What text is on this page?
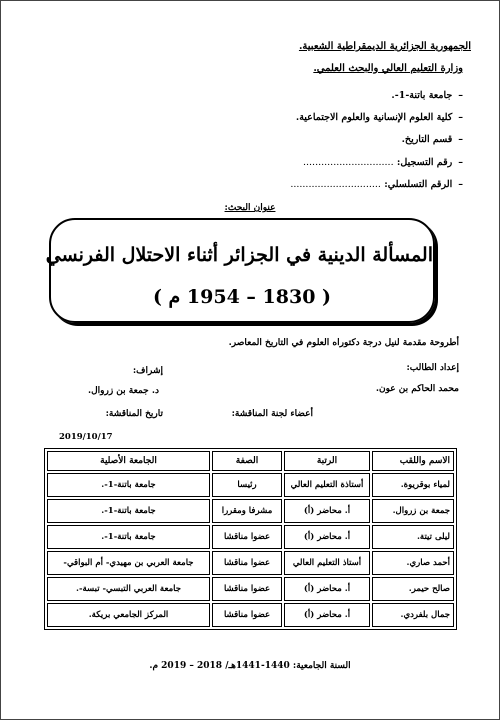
الجمهورية الجزائرية الديمقراطية الشعبية.
وزارة التعليم العالي والبحث العلمي.
–جامعة باتنة-1-.
–كلية العلوم الإنسانية والعلوم الاجتماعية.
–قسم التاريخ.
–رقم التسجيل: ..............................
–الرقم التسلسلي: ..............................
عنوان البحث:
المسألة الدينية في الجزائر أثناء الاحتلال الفرنسي
( 1830 – 1954 م )
أطروحة مقدمة لنيل درجة دكتوراه العلوم في التاريخ المعاصر.
إعداد الطالب:
محمد الحاكم بن عون.
إشراف:
د. جمعة بن زروال.
أعضاء لجنة المناقشة:
تاريخ المناقشة:
2019/10/17
الاسم واللقب	الرتبة	الصفة	الجامعة الأصلية
لمياء بوقريوة.	أستاذة التعليم العالي	رئيسا	جامعة باتنة-1-.
جمعة بن زروال.	أ. محاضر (أ)	مشرفا ومقررا	جامعة باتنة-1-.
ليلى تيتة.	أ. محاضر (أ)	عضوا مناقشا	جامعة باتنة-1-.
أحمد صاري.	أستاذ التعليم العالي	عضوا مناقشا	جامعة العربي بن مهيدي- أم البواقي-
صالح حيمر.	أ. محاضر (أ)	عضوا مناقشا	جامعة العربي التبسي- تبسة-.
جمال بلفردي.	أ. محاضر (أ)	عضوا مناقشا	المركز الجامعي بريكة.
السنة الجامعية: 1440-1441هـ/ 2018 – 2019 م.
